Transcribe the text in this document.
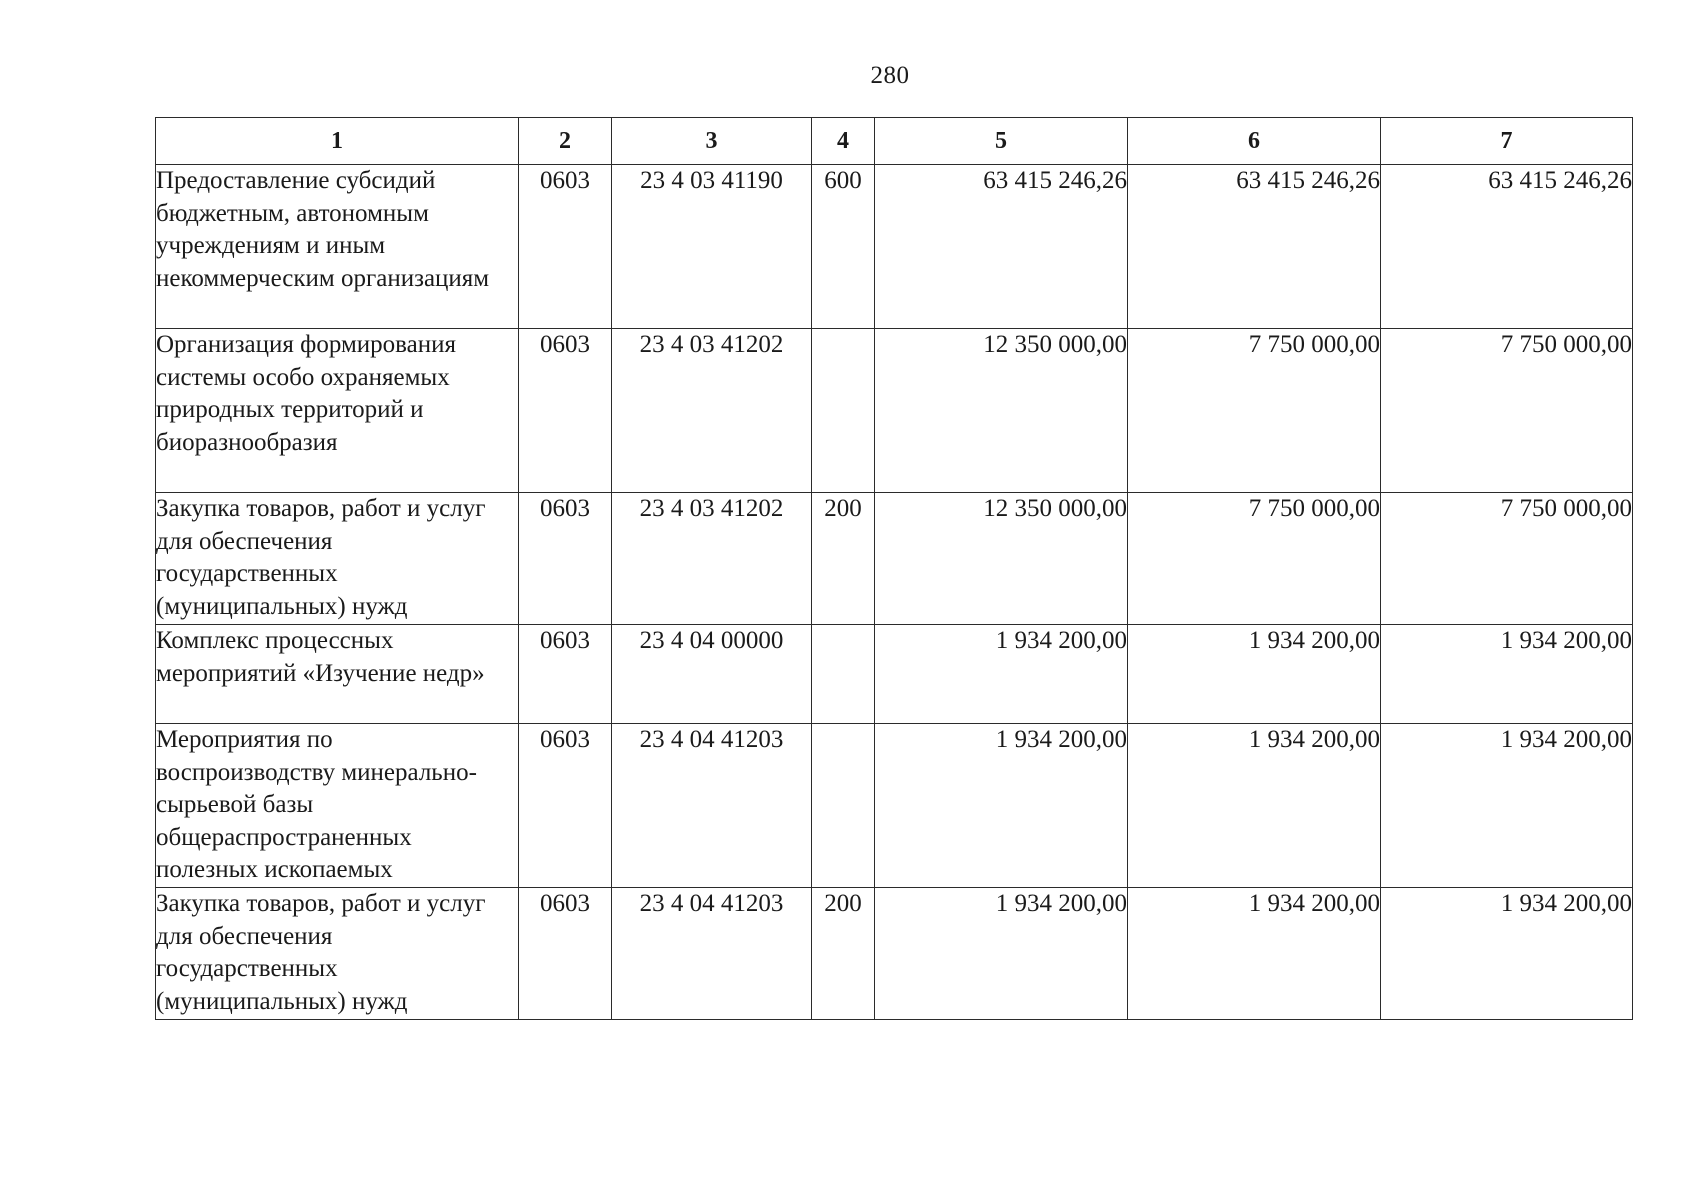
280
1	2	3	4	5	6	7
Предоставление субсидий бюджетным, автономным учреждениям и иным некоммерческим организациям	0603	23 4 03 41190	600	63 415 246,26	63 415 246,26	63 415 246,26
Организация формирования системы особо охраняемых природных территорий и биоразнообразия	0603	23 4 03 41202		12 350 000,00	7 750 000,00	7 750 000,00
Закупка товаров, работ и услуг для обеспечения государственных (муниципальных) нужд	0603	23 4 03 41202	200	12 350 000,00	7 750 000,00	7 750 000,00
Комплекс процессных мероприятий «Изучение недр»	0603	23 4 04 00000		1 934 200,00	1 934 200,00	1 934 200,00
Мероприятия по воспроизводству минерально-сырьевой базы общераспространенных полезных ископаемых	0603	23 4 04 41203		1 934 200,00	1 934 200,00	1 934 200,00
Закупка товаров, работ и услуг для обеспечения государственных (муниципальных) нужд	0603	23 4 04 41203	200	1 934 200,00	1 934 200,00	1 934 200,00
